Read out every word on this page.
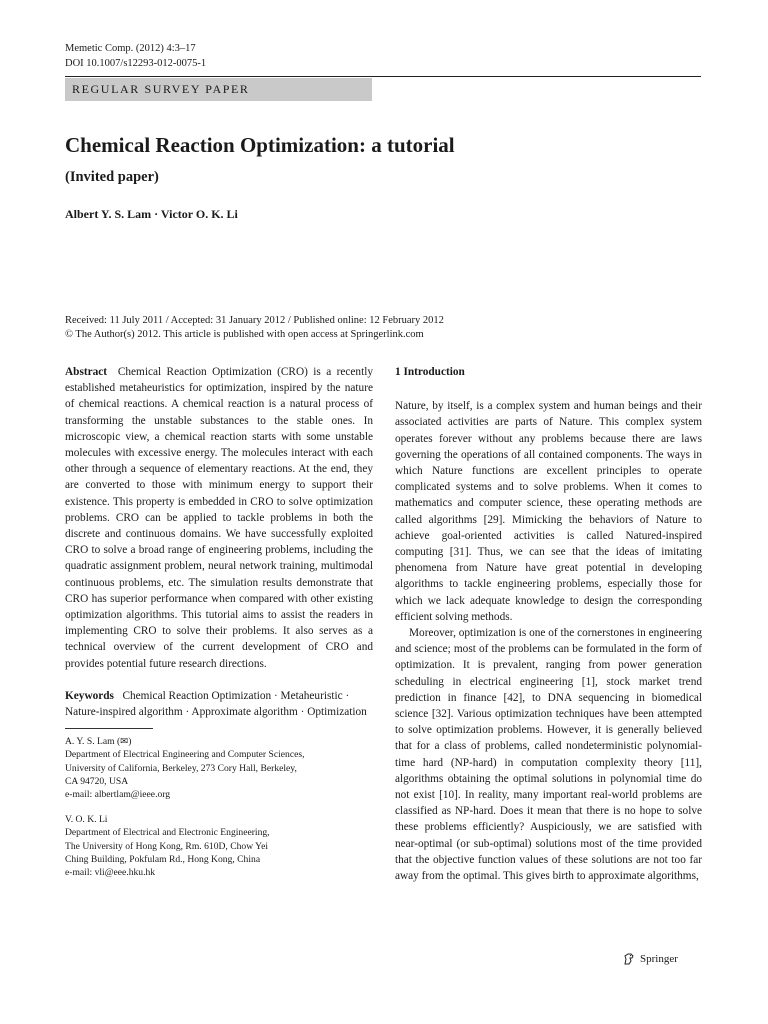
Memetic Comp. (2012) 4:3–17
DOI 10.1007/s12293-012-0075-1
REGULAR SURVEY PAPER
Chemical Reaction Optimization: a tutorial
(Invited paper)
Albert Y. S. Lam · Victor O. K. Li
Received: 11 July 2011 / Accepted: 31 January 2012 / Published online: 12 February 2012
© The Author(s) 2012. This article is published with open access at Springerlink.com

Abstract Chemical Reaction Optimization (CRO) is a recently established metaheuristics for optimization, inspired by the nature of chemical reactions. A chemical reaction is a natural process of transforming the unstable substances to the stable ones. In microscopic view, a chemical reaction starts with some unstable molecules with excessive energy. The molecules interact with each other through a sequence of elementary reactions. At the end, they are converted to those with minimum energy to support their existence. This property is embedded in CRO to solve optimization problems. CRO can be applied to tackle problems in both the discrete and continuous domains. We have successfully exploited CRO to solve a broad range of engineering problems, including the quadratic assignment problem, neural network training, multimodal continuous problems, etc. The simulation results demonstrate that CRO has superior performance when compared with other existing optimization algorithms. This tutorial aims to assist the readers in implementing CRO to solve their problems. It also serves as a technical overview of the current development of CRO and provides potential future research directions.

Keywords Chemical Reaction Optimization · Metaheuristic · Nature-inspired algorithm · Approximate algorithm · Optimization

A. Y. S. Lam (✉)
Department of Electrical Engineering and Computer Sciences,
University of California, Berkeley, 273 Cory Hall, Berkeley,
CA 94720, USA
e-mail: albertlam@ieee.org
V. O. K. Li
Department of Electrical and Electronic Engineering,
The University of Hong Kong, Rm. 610D, Chow Yei
Ching Building, Pokfulam Rd., Hong Kong, China
e-mail: vli@eee.hku.hk

1 Introduction

Nature, by itself, is a complex system and human beings and their associated activities are parts of Nature. This complex system operates forever without any problems because there are laws governing the operations of all contained components. The ways in which Nature functions are excellent principles to operate complicated systems and to solve problems. When it comes to mathematics and computer science, these operating methods are called algorithms [29]. Mimicking the behaviors of Nature to achieve goal-oriented activities is called Natured-inspired computing [31]. Thus, we can see that the ideas of imitating phenomena from Nature have great potential in developing algorithms to tackle engineering problems, especially those for which we lack adequate knowledge to design the corresponding efficient solving methods.

Moreover, optimization is one of the cornerstones in engineering and science; most of the problems can be formulated in the form of optimization. It is prevalent, ranging from power generation scheduling in electrical engineering [1], stock market trend prediction in finance [42], to DNA sequencing in biomedical science [32]. Various optimization techniques have been attempted to solve optimization problems. However, it is generally believed that for a class of problems, called nondeterministic polynomial-time hard (NP-hard) in computation complexity theory [11], algorithms obtaining the optimal solutions in polynomial time do not exist [10]. In reality, many important real-world problems are classified as NP-hard. Does it mean that there is no hope to solve these problems efficiently? Auspiciously, we are satisfied with near-optimal (or sub-optimal) solutions most of the time provided that the objective function values of these solutions are not too far away from the optimal. This gives birth to approximate algorithms,

Springer
